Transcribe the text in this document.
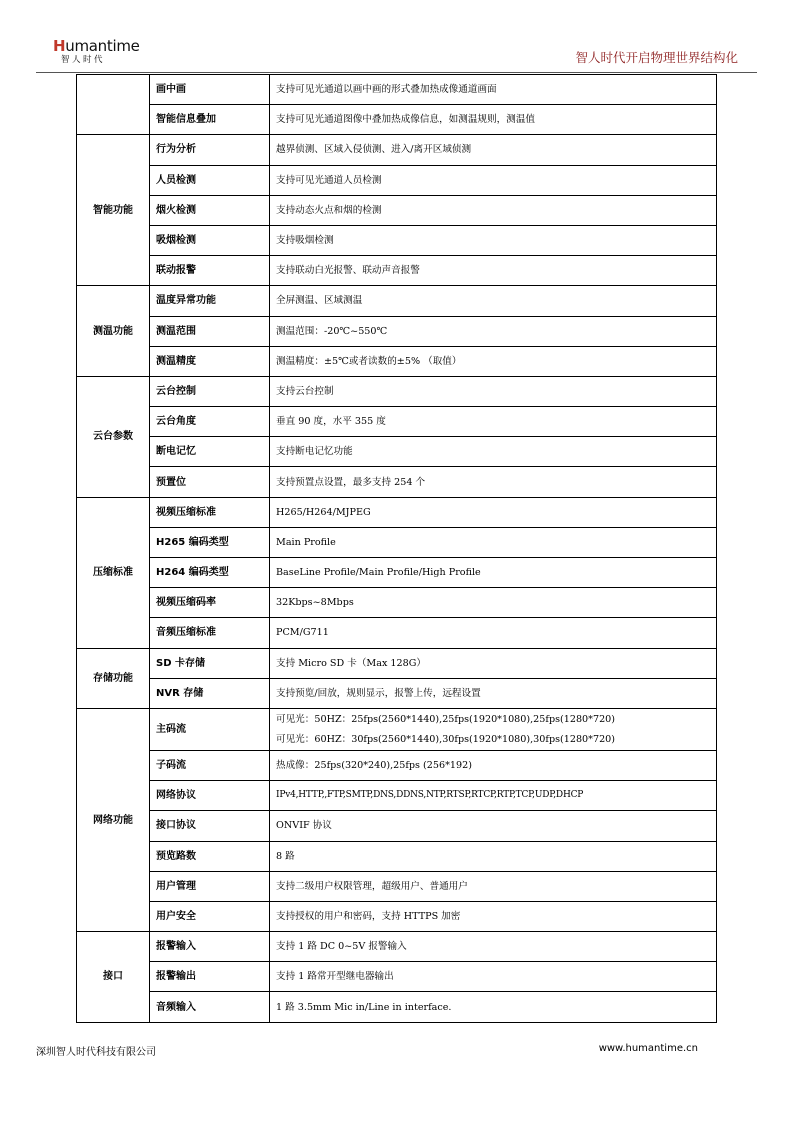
Humantime
智人时代	智人时代开启物理世界结构化
	画中画	支持可见光通道以画中画的形式叠加热成像通道画面
	智能信息叠加	支持可见光通道图像中叠加热成像信息，如测温规则，测温值
智能功能	行为分析	越界侦测、区域入侵侦测、进入/离开区域侦测
	人员检测	支持可见光通道人员检测
	烟火检测	支持动态火点和烟的检测
	吸烟检测	支持吸烟检测
	联动报警	支持联动白光报警、联动声音报警
测温功能	温度异常功能	全屏测温、区域测温
	测温范围	测温范围：-20℃~550℃
	测温精度	测温精度：±5℃或者读数的±5% （取值）
云台参数	云台控制	支持云台控制
	云台角度	垂直 90 度，水平 355 度
	断电记忆	支持断电记忆功能
	预置位	支持预置点设置，最多支持 254 个
压缩标准	视频压缩标准	H265/H264/MJPEG
	H265 编码类型	Main Profile
	H264 编码类型	BaseLine Profile/Main Profile/High Profile
	视频压缩码率	32Kbps~8Mbps
	音频压缩标准	PCM/G711
存储功能	SD 卡存储	支持 Micro SD 卡（Max 128G）
	NVR 存储	支持预览/回放，规则显示，报警上传，远程设置
网络功能	主码流	可见光：50HZ：25fps(2560*1440),25fps(1920*1080),25fps(1280*720)
可见光：60HZ：30fps(2560*1440),30fps(1920*1080),30fps(1280*720)

	子码流	热成像：25fps(320*240),25fps (256*192)
	网络协议	IPv4,HTTP,,FTP,SMTP,DNS,DDNS,NTP,RTSP,RTCP,RTP,TCP,UDP,DHCP
	接口协议	ONVIF 协议
	预览路数	8 路
	用户管理	支持二级用户权限管理，超级用户、普通用户
	用户安全	支持授权的用户和密码，支持 HTTPS 加密
接口	报警输入	支持 1 路 DC 0~5V 报警输入
	报警输出	支持 1 路常开型继电器输出
	音频输入	1 路 3.5mm Mic in/Line in interface.
深圳智人时代科技有限公司	www.humantime.cn
